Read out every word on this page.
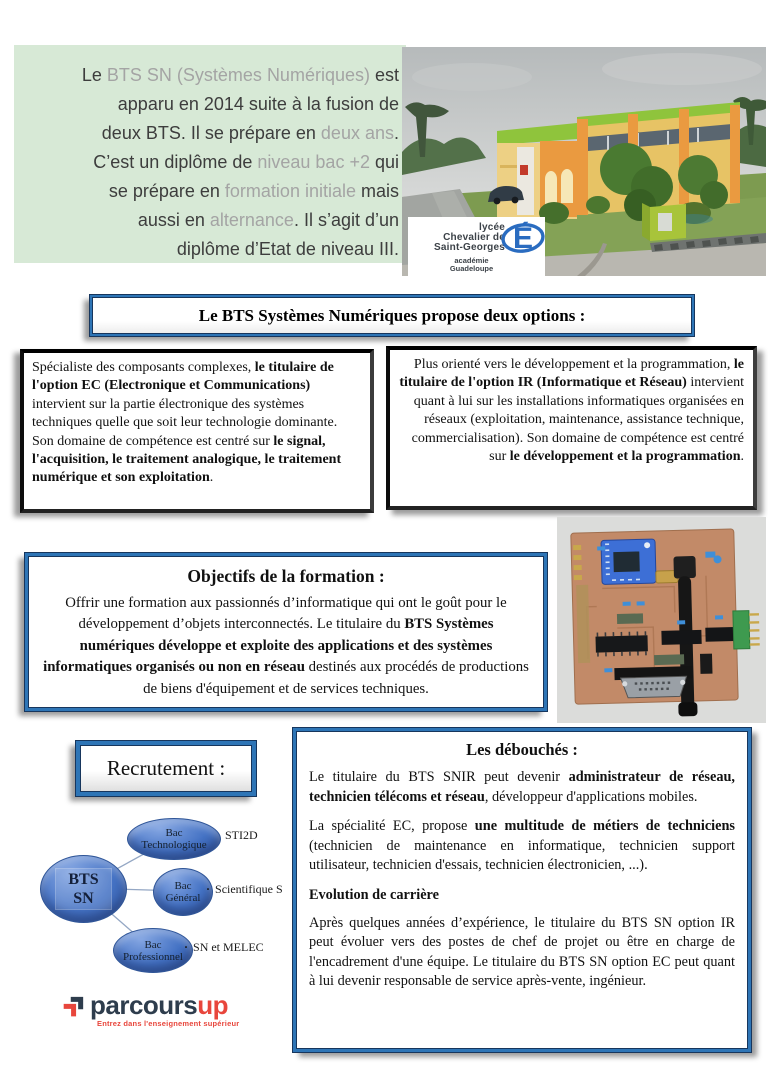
Le BTS SN (Systèmes Numériques) est
apparu en 2014 suite à la fusion de
deux BTS. Il se prépare en deux ans.
C’est un diplôme de niveau bac +2 qui
se prépare en formation initiale mais
aussi en alternance. Il s’agit d’un
diplôme d’Etat de niveau III.

lycée
Chevalier de
Saint-Georges É
académie
Guadeloupe
Le BTS Systèmes Numériques propose deux options :

Spécialiste des composants complexes, le titulaire de l'option EC (Electronique et Communications) intervient sur la partie électronique des systèmes techniques quelle que soit leur technologie dominante. Son domaine de compétence est centré sur le signal, l'acquisition, le traitement analogique, le traitement numérique et son exploitation.

Plus orienté vers le développement et la programmation, le titulaire de l'option IR (Informatique et Réseau) intervient quant à lui sur les installations informatiques organisées en réseaux (exploitation, maintenance, assistance technique, commercialisation). Son domaine de compétence est centré sur le développement et la programmation.

Objectifs de la formation :

Offrir une formation aux passionnés d’informatique qui ont le goût pour le développement d’objets interconnectés. Le titulaire du BTS Systèmes numériques développe et exploite des applications et des systèmes informatiques organisés ou non en réseau destinés aux procédés de productions de biens d'équipement et de services techniques.

Recrutement :
BTS
SN
Bac
Technologique
Bac
Général
Bac
Professionnel
STI2D
· Scientifique S
· SN et MELEC
Les débouchés :

Le titulaire du BTS SNIR peut devenir administrateur de réseau, technicien télécoms et réseau, développeur d'applications mobiles.

La spécialité EC, propose une multitude de métiers de techniciens (technicien de maintenance en informatique, technicien support utilisateur, technicien d'essais, technicien électronicien, ...).

Evolution de carrière

Après quelques années d’expérience, le titulaire du BTS SN option IR peut évoluer vers des postes de chef de projet ou être en charge de l'encadrement d'une équipe. Le titulaire du BTS SN option EC peut quant à lui devenir responsable de service après-vente, ingénieur.

parcoursup
Entrez dans l'enseignement supérieur
